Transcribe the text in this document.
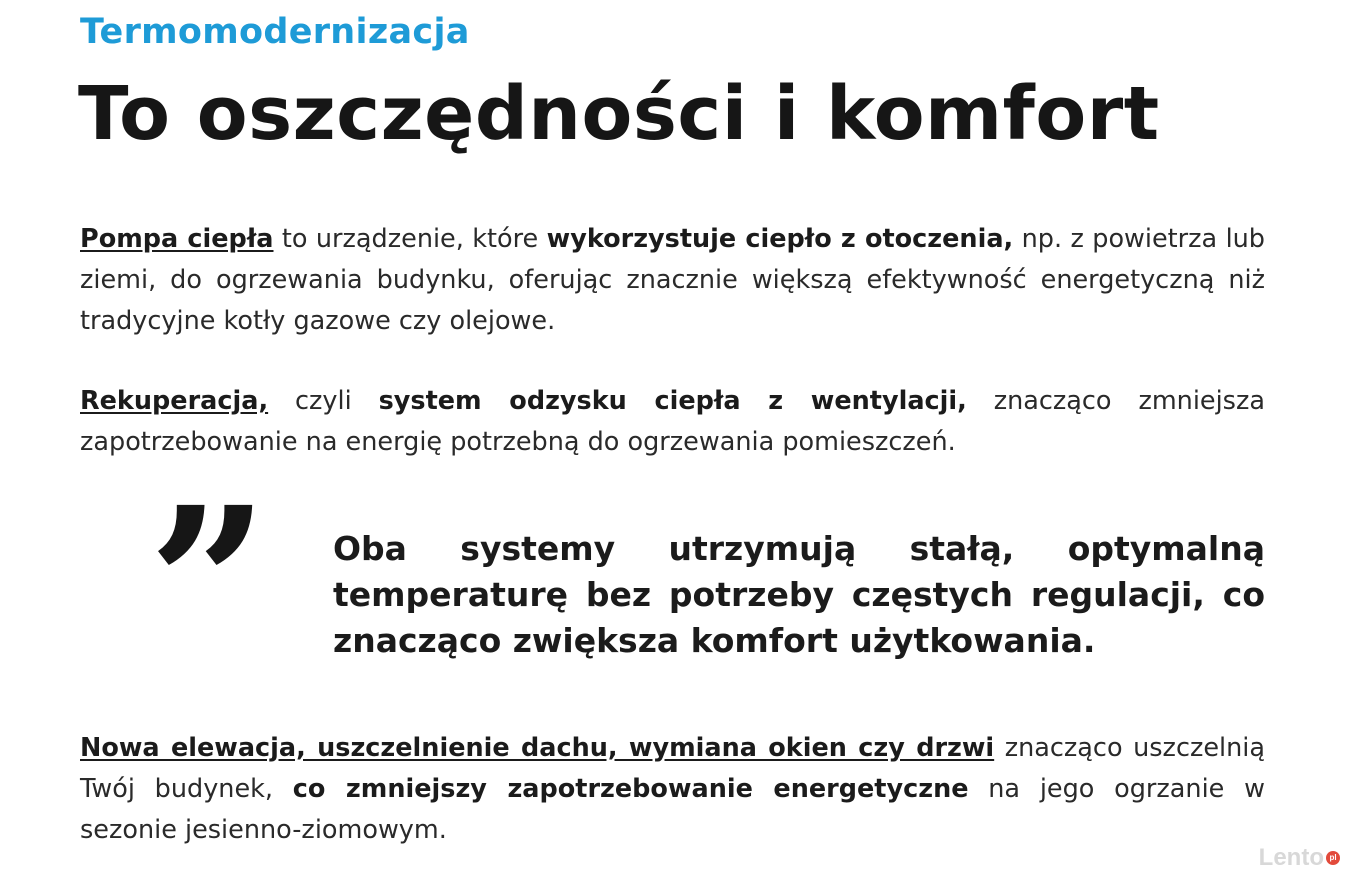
Termomodernizacja
To oszczędności i komfort

Pompa ciepła to urządzenie, które wykorzystuje ciepło z otoczenia, np. z powietrza lub ziemi, do ogrzewania budynku, oferując znacznie większą efektywność energetyczną niż tradycyjne kotły gazowe czy olejowe.

Rekuperacja, czyli system odzysku ciepła z wentylacji, znacząco zmniejsza zapotrzebowanie na energię potrzebną do ogrzewania pomieszczeń.

” Oba systemy utrzymują stałą, optymalną temperaturę bez potrzeby częstych regulacji, co znacząco zwiększa komfort użytkowania.

Nowa elewacja, uszczelnienie dachu, wymiana okien czy drzwi znacząco uszczelnią Twój budynek, co zmniejszy zapotrzebowanie energetyczne na jego ogrzanie w sezonie jesienno-ziomowym.

Lento pl
